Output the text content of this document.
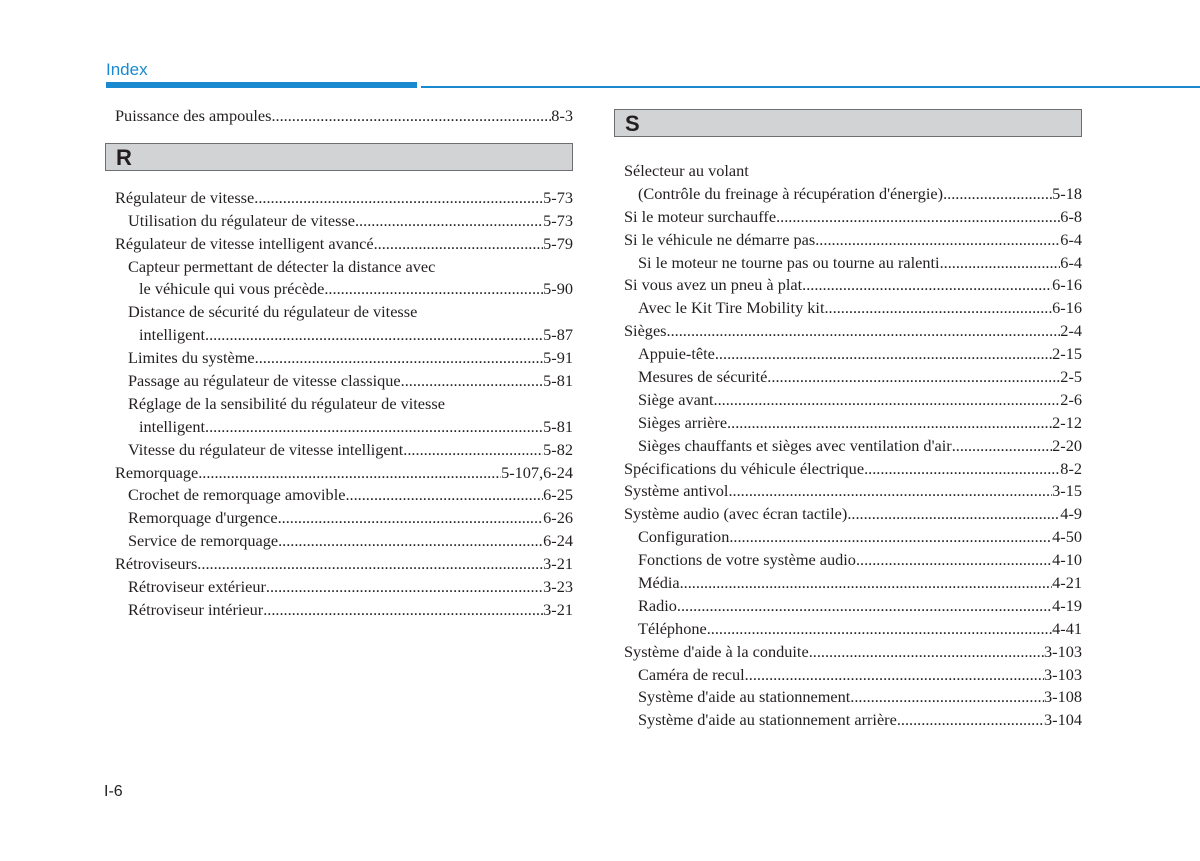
Index
Puissance des ampoules .....	8-3
R
Régulateur de vitesse .....	5-73
Utilisation du régulateur de vitesse .....	5-73
Régulateur de vitesse intelligent avancé .....	5-79
Capteur permettant de détecter la distance avec
le véhicule qui vous précède .....	5-90
Distance de sécurité du régulateur de vitesse
intelligent .....	5-87
Limites du système .....	5-91
Passage au régulateur de vitesse classique .....	5-81
Réglage de la sensibilité du régulateur de vitesse
intelligent .....	5-81
Vitesse du régulateur de vitesse intelligent .....	5-82
Remorquage .....	5-107,6-24
Crochet de remorquage amovible .....	6-25
Remorquage d'urgence .....	6-26
Service de remorquage .....	6-24
Rétroviseurs .....	3-21
Rétroviseur extérieur .....	3-23
Rétroviseur intérieur .....	3-21
S
Sélecteur au volant
(Contrôle du freinage à récupération d'énergie) .....	5-18
Si le moteur surchauffe .....	6-8
Si le véhicule ne démarre pas .....	6-4
Si le moteur ne tourne pas ou tourne au ralenti .....	6-4
Si vous avez un pneu à plat .....	6-16
Avec le Kit Tire Mobility kit .....	6-16
Sièges .....	2-4
Appuie-tête .....	2-15
Mesures de sécurité .....	2-5
Siège avant .....	2-6
Sièges arrière .....	2-12
Sièges chauffants et sièges avec ventilation d'air .....	2-20
Spécifications du véhicule électrique .....	8-2
Système antivol .....	3-15
Système audio (avec écran tactile) .....	4-9
Configuration .....	4-50
Fonctions de votre système audio .....	4-10
Média .....	4-21
Radio .....	4-19
Téléphone .....	4-41
Système d'aide à la conduite .....	3-103
Caméra de recul .....	3-103
Système d'aide au stationnement .....	3-108
Système d'aide au stationnement arrière .....	3-104
I-6
